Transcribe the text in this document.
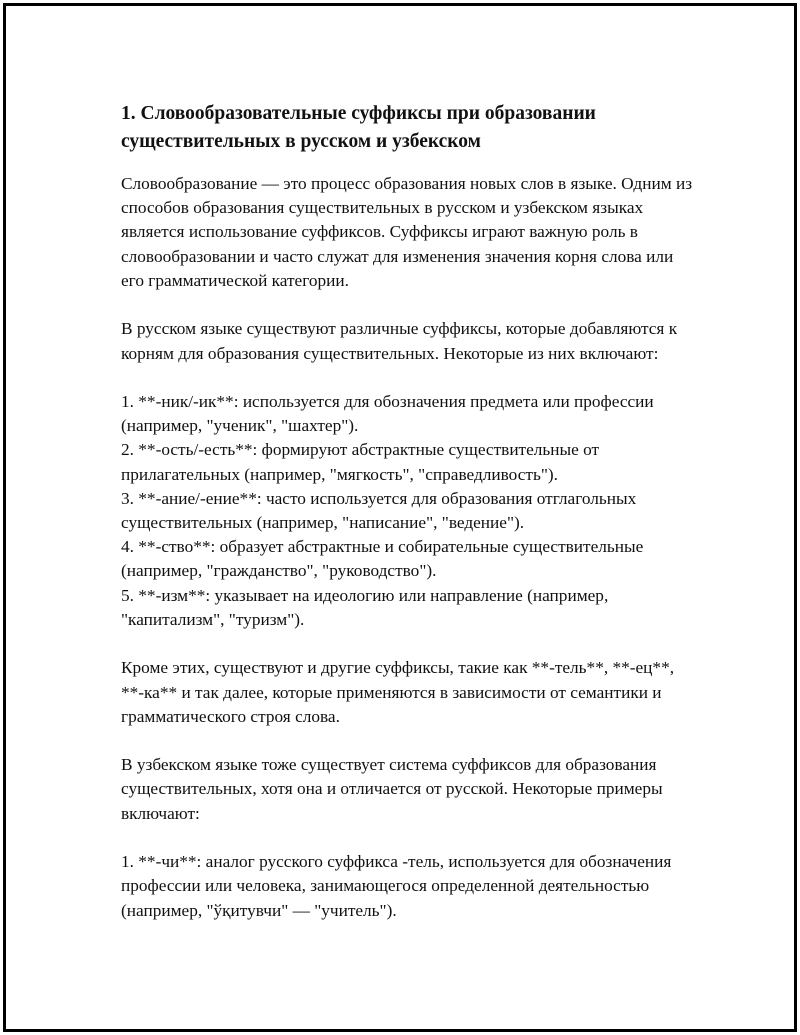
1. Словообразовательные суффиксы при образовании существительных в русском и узбекском
Словообразование — это процесс образования новых слов в языке. Одним из способов образования существительных в русском и узбекском языках является использование суффиксов. Суффиксы играют важную роль в словообразовании и часто служат для изменения значения корня слова или его грамматической категории.
В русском языке существуют различные суффиксы, которые добавляются к корням для образования существительных. Некоторые из них включают:
1. **-ник/-ик**: используется для обозначения предмета или профессии (например, "ученик", "шахтер").
2. **-ость/-есть**: формируют абстрактные существительные от прилагательных (например, "мягкость", "справедливость").
3. **-ание/-ение**: часто используется для образования отглагольных существительных (например, "написание", "ведение").
4. **-ство**: образует абстрактные и собирательные существительные (например, "гражданство", "руководство").
5. **-изм**: указывает на идеологию или направление (например, "капитализм", "туризм").
Кроме этих, существуют и другие суффиксы, такие как **-тель**, **-ец**, **-ка** и так далее, которые применяются в зависимости от семантики и грамматического строя слова.
В узбекском языке тоже существует система суффиксов для образования существительных, хотя она и отличается от русской. Некоторые примеры включают:
1. **-чи**: аналог русского суффикса -тель, используется для обозначения профессии или человека, занимающегося определенной деятельностью (например, "ўқитувчи" — "учитель").
